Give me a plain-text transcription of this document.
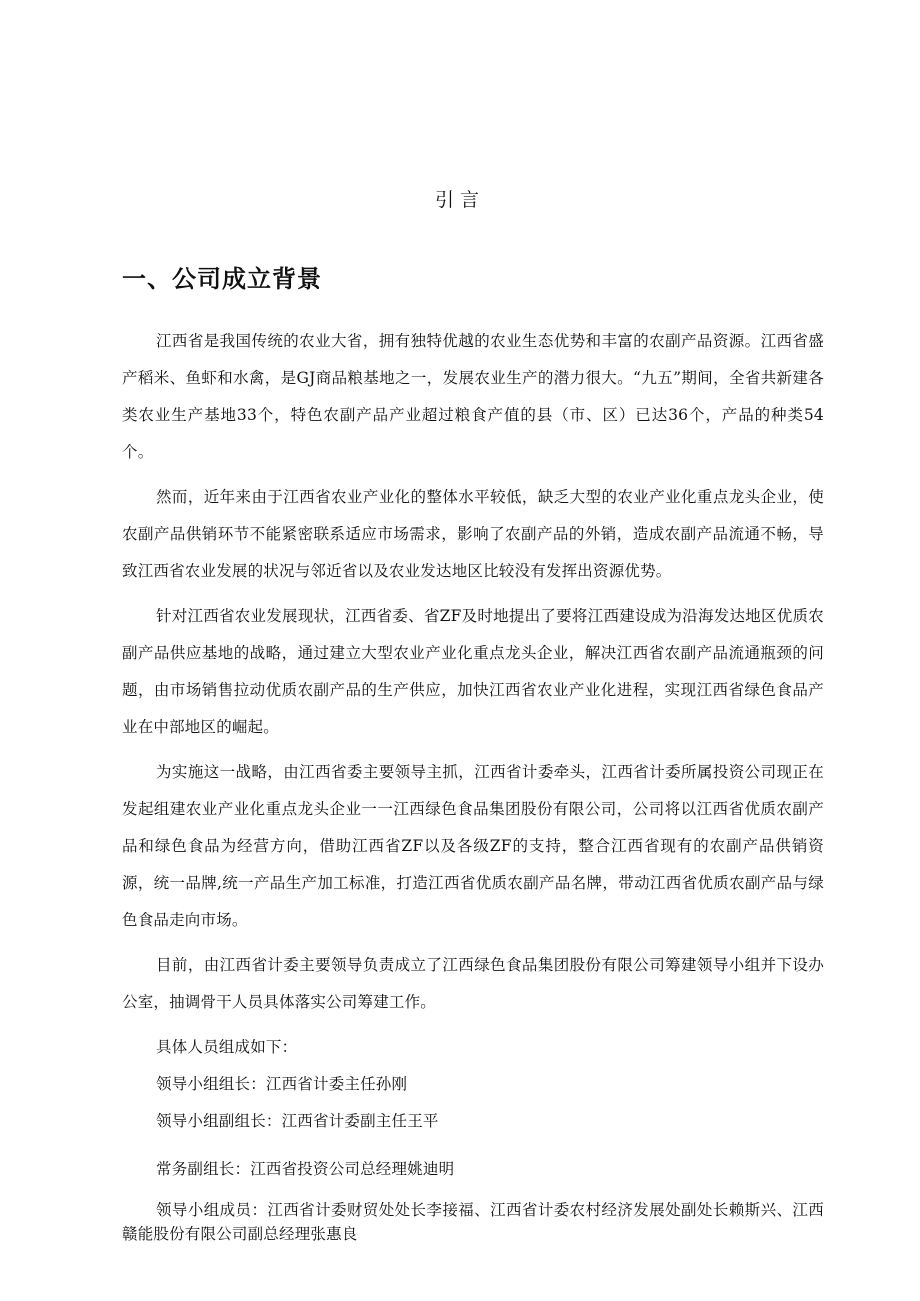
引言
一、公司成立背景

江西省是我国传统的农业大省，拥有独特优越的农业生态优势和丰富的农副产品资源。江西省盛产稻米、鱼虾和水禽，是GJ商品粮基地之一，发展农业生产的潜力很大。“九五”期间，全省共新建各类农业生产基地33个，特色农副产品产业超过粮食产值的县（市、区）已达36个，产品的种类54个。

然而，近年来由于江西省农业产业化的整体水平较低，缺乏大型的农业产业化重点龙头企业，使农副产品供销环节不能紧密联系适应市场需求，影响了农副产品的外销，造成农副产品流通不畅，导致江西省农业发展的状况与邻近省以及农业发达地区比较没有发挥出资源优势。

针对江西省农业发展现状，江西省委、省ZF及时地提出了要将江西建设成为沿海发达地区优质农副产品供应基地的战略，通过建立大型农业产业化重点龙头企业，解决江西省农副产品流通瓶颈的问题，由市场销售拉动优质农副产品的生产供应，加快江西省农业产业化进程，实现江西省绿色食品产业在中部地区的崛起。

为实施这一战略，由江西省委主要领导主抓，江西省计委牵头，江西省计委所属投资公司现正在发起组建农业产业化重点龙头企业一一江西绿色食品集团股份有限公司，公司将以江西省优质农副产品和绿色食品为经营方向，借助江西省ZF以及各级ZF的支持，整合江西省现有的农副产品供销资源，统一品牌,统一产品生产加工标准，打造江西省优质农副产品名牌，带动江西省优质农副产品与绿色食品走向市场。

目前，由江西省计委主要领导负责成立了江西绿色食品集团股份有限公司筹建领导小组并下设办公室，抽调骨干人员具体落实公司筹建工作。

具体人员组成如下：

领导小组组长：江西省计委主任孙刚

领导小组副组长：江西省计委副主任王平

常务副组长：江西省投资公司总经理姚迪明

领导小组成员：江西省计委财贸处处长李接福、江西省计委农村经济发展处副处长赖斯兴、江西赣能股份有限公司副总经理张惠良
